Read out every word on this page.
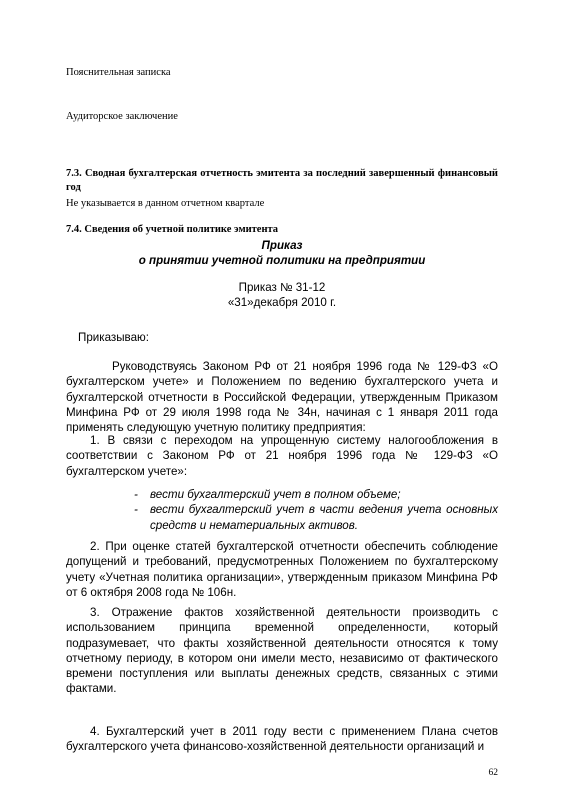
Пояснительная записка
Аудиторское заключение
7.3. Сводная бухгалтерская отчетность эмитента за последний завершенный финансовый год
Не указывается в данном отчетном квартале
7.4. Сведения об учетной политике эмитента
Приказ
о принятии учетной политики на предприятии
Приказ № 31-12
«31»декабря 2010 г.
Приказываю:
Руководствуясь Законом РФ от 21 ноября 1996 года № 129-ФЗ «О бухгалтерском учете» и Положением по ведению бухгалтерского учета и бухгалтерской отчетности в Российской Федерации, утвержденным Приказом Минфина РФ от 29 июля 1998 года № 34н, начиная с 1 января 2011 года применять следующую учетную политику предприятия:
1. В связи с переходом на упрощенную систему налогообложения в соответствии с Законом РФ от 21 ноября 1996 года № 129-ФЗ «О бухгалтерском учете»:
- вести бухгалтерский учет в полном объеме;
- вести бухгалтерский учет в части ведения учета основных средств и нематериальных активов.
2. При оценке статей бухгалтерской отчетности обеспечить соблюдение допущений и требований, предусмотренных Положением по бухгалтерскому учету «Учетная политика организации», утвержденным приказом Минфина РФ от 6 октября 2008 года № 106н.
3. Отражение фактов хозяйственной деятельности производить с использованием принципа временной определенности, который подразумевает, что факты хозяйственной деятельности относятся к тому отчетному периоду, в котором они имели место, независимо от фактического времени поступления или выплаты денежных средств, связанных с этими фактами.
4. Бухгалтерский учет в 2011 году вести с применением Плана счетов бухгалтерского учета финансово-хозяйственной деятельности организаций и
62
